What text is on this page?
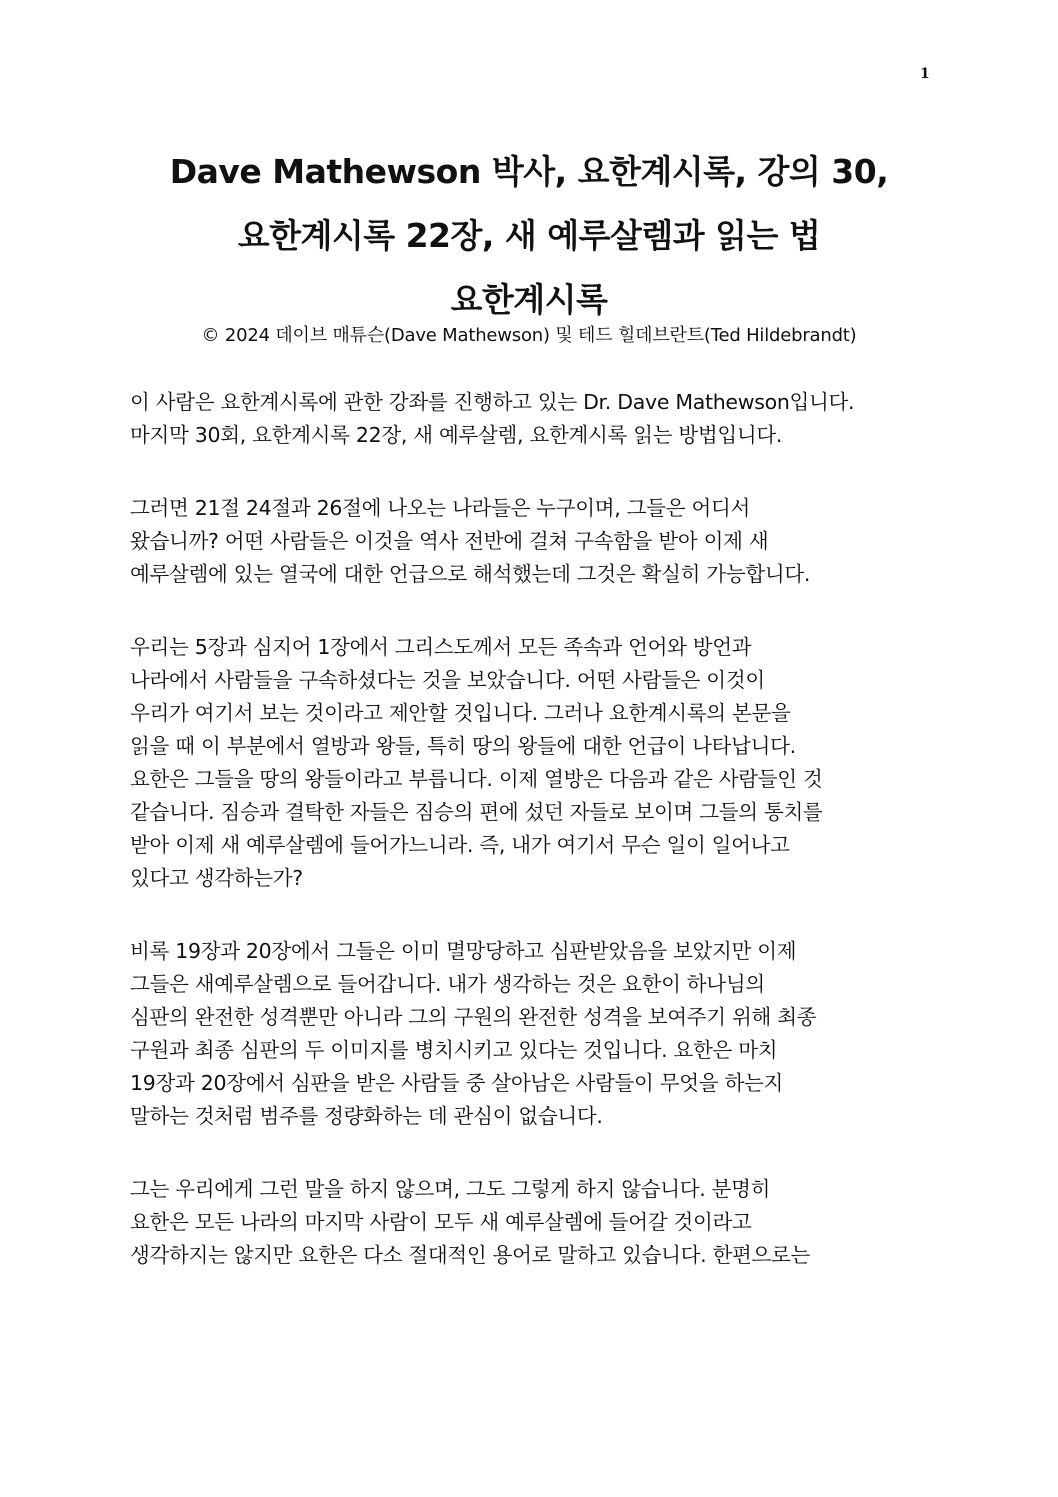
1
Dave Mathewson 박사, 요한계시록, 강의 30,
요한계시록 22장, 새 예루살렘과 읽는 법
요한계시록
© 2024 데이브 매튜슨(Dave Mathewson) 및 테드 힐데브란트(Ted Hildebrandt)
이 사람은 요한계시록에 관한 강좌를 진행하고 있는 Dr. Dave Mathewson입니다.
마지막 30회, 요한계시록 22장, 새 예루살렘, 요한계시록 읽는 방법입니다.
그러면 21절 24절과 26절에 나오는 나라들은 누구이며, 그들은 어디서
왔습니까? 어떤 사람들은 이것을 역사 전반에 걸쳐 구속함을 받아 이제 새
예루살렘에 있는 열국에 대한 언급으로 해석했는데 그것은 확실히 가능합니다.
우리는 5장과 심지어 1장에서 그리스도께서 모든 족속과 언어와 방언과
나라에서 사람들을 구속하셨다는 것을 보았습니다. 어떤 사람들은 이것이
우리가 여기서 보는 것이라고 제안할 것입니다. 그러나 요한계시록의 본문을
읽을 때 이 부분에서 열방과 왕들, 특히 땅의 왕들에 대한 언급이 나타납니다.
요한은 그들을 땅의 왕들이라고 부릅니다. 이제 열방은 다음과 같은 사람들인 것
같습니다. 짐승과 결탁한 자들은 짐승의 편에 섰던 자들로 보이며 그들의 통치를
받아 이제 새 예루살렘에 들어가느니라. 즉, 내가 여기서 무슨 일이 일어나고
있다고 생각하는가?
비록 19장과 20장에서 그들은 이미 멸망당하고 심판받았음을 보았지만 이제
그들은 새예루살렘으로 들어갑니다. 내가 생각하는 것은 요한이 하나님의
심판의 완전한 성격뿐만 아니라 그의 구원의 완전한 성격을 보여주기 위해 최종
구원과 최종 심판의 두 이미지를 병치시키고 있다는 것입니다. 요한은 마치
19장과 20장에서 심판을 받은 사람들 중 살아남은 사람들이 무엇을 하는지
말하는 것처럼 범주를 정량화하는 데 관심이 없습니다.
그는 우리에게 그런 말을 하지 않으며, 그도 그렇게 하지 않습니다. 분명히
요한은 모든 나라의 마지막 사람이 모두 새 예루살렘에 들어갈 것이라고
생각하지는 않지만 요한은 다소 절대적인 용어로 말하고 있습니다. 한편으로는
